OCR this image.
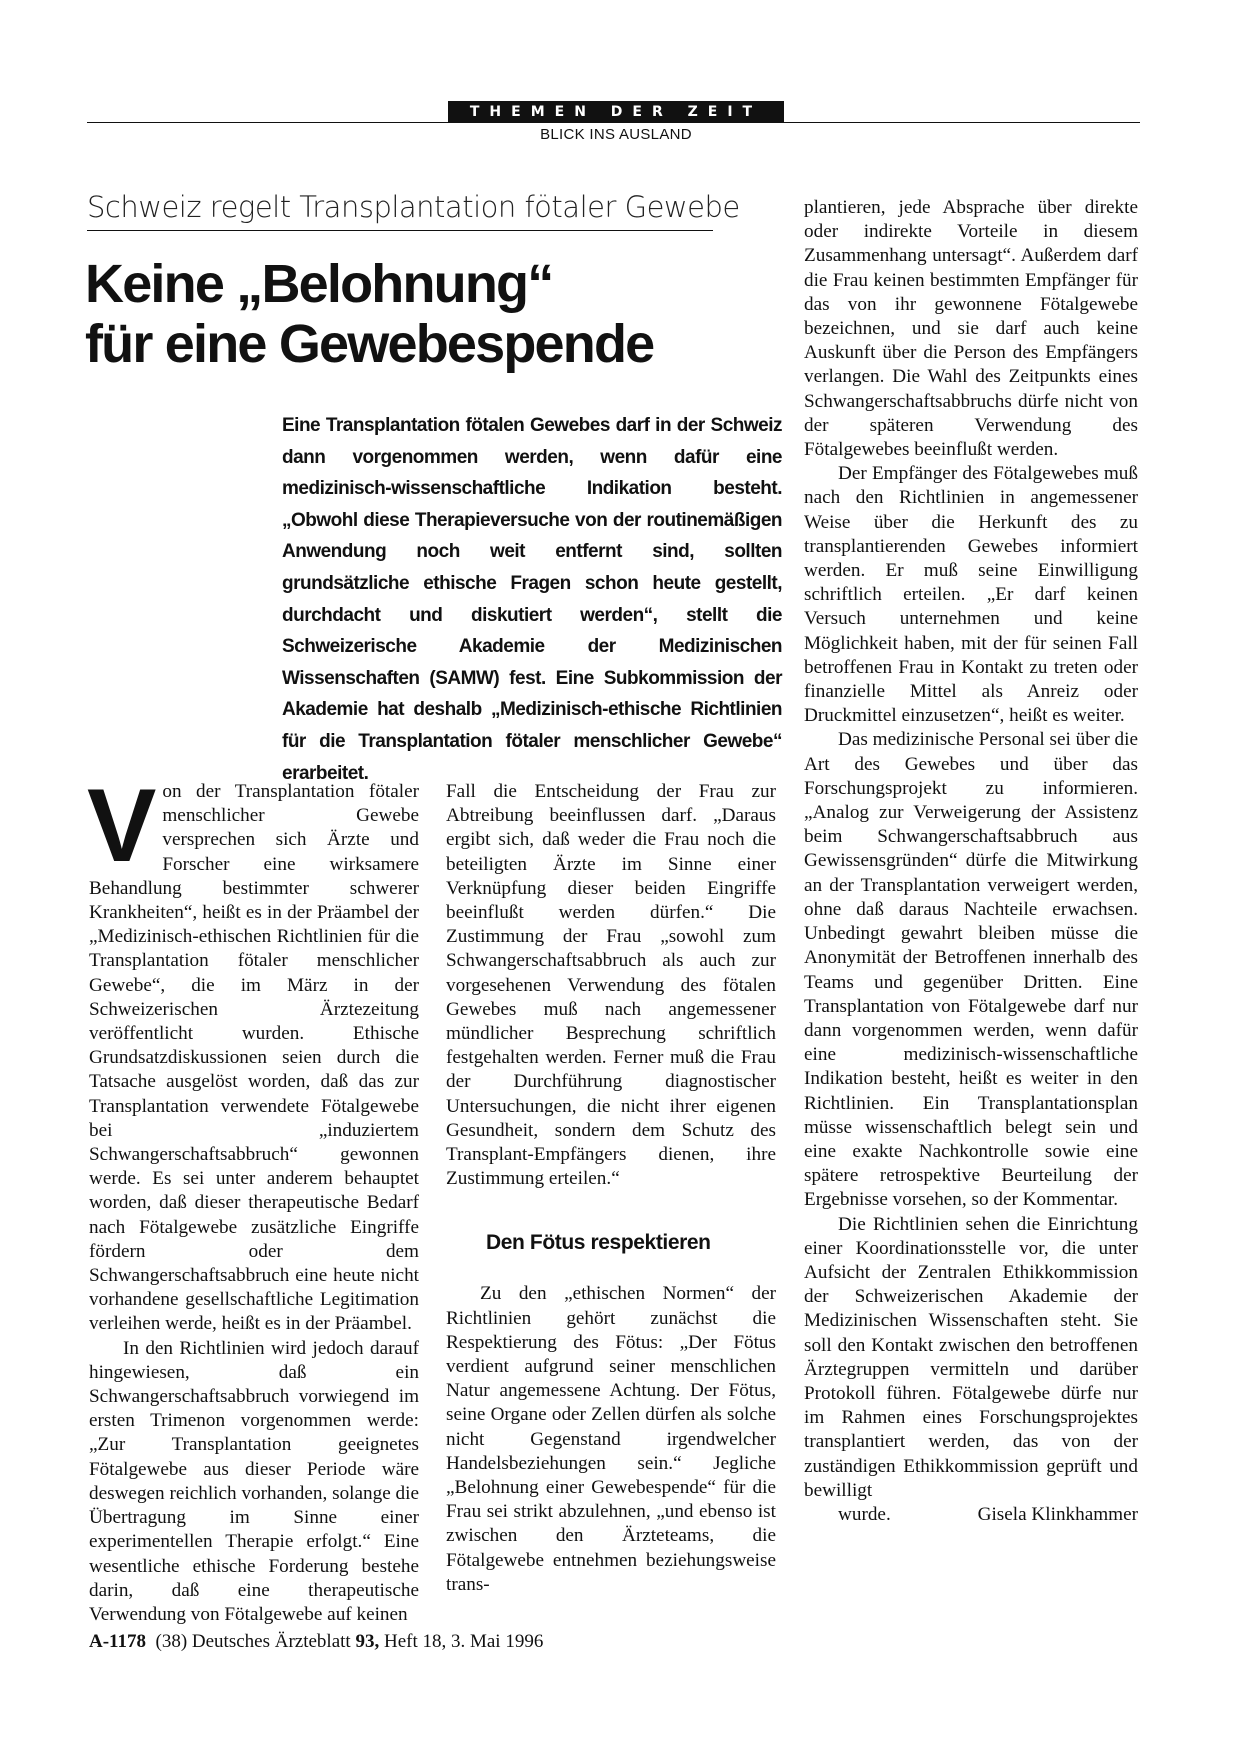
THEMEN DER ZEIT
BLICK INS AUSLAND
Schweiz regelt Transplantation fötaler Gewebe
Keine „Belohnung“
für eine Gewebespende
Eine Transplantation fötalen Gewebes darf in der Schweiz dann vorgenommen werden, wenn dafür eine medizinisch-wissenschaftliche Indikation besteht. „Obwohl diese Therapieversuche von der routinemäßigen Anwendung noch weit entfernt sind, sollten grundsätzliche ethische Fragen schon heute gestellt, durchdacht und diskutiert werden“, stellt die Schweizerische Akademie der Medizinischen Wissenschaften (SAMW) fest. Eine Subkommission der Akademie hat deshalb „Medizinisch-ethische Richtlinien für die Transplantation fötaler menschlicher Gewebe“ erarbeitet.

Von der Transplantation fötaler menschlicher Gewebe versprechen sich Ärzte und Forscher eine wirksamere Behandlung bestimmter schwerer Krankheiten“, heißt es in der Präambel der „Medizinisch-ethischen Richtlinien für die Transplantation fötaler menschlicher Gewebe“, die im März in der Schweizerischen Ärztezeitung veröffentlicht wurden. Ethische Grundsatzdiskussionen seien durch die Tatsache ausgelöst worden, daß das zur Transplantation verwendete Fötalgewebe bei „induziertem Schwangerschaftsabbruch“ gewonnen werde. Es sei unter anderem behauptet worden, daß dieser therapeutische Bedarf nach Fötalgewebe zusätzliche Eingriffe fördern oder dem Schwangerschaftsabbruch eine heute nicht vorhandene gesellschaftliche Legitimation verleihen werde, heißt es in der Präambel.

In den Richtlinien wird jedoch darauf hingewiesen, daß ein Schwangerschaftsabbruch vorwiegend im ersten Trimenon vorgenommen werde: „Zur Transplantation geeignetes Fötalgewebe aus dieser Periode wäre deswegen reichlich vorhanden, solange die Übertragung im Sinne einer experimentellen Therapie erfolgt.“ Eine wesentliche ethische Forderung bestehe darin, daß eine therapeutische Verwendung von Fötalgewebe auf keinen

Fall die Entscheidung der Frau zur Abtreibung beeinflussen darf. „Daraus ergibt sich, daß weder die Frau noch die beteiligten Ärzte im Sinne einer Verknüpfung dieser beiden Eingriffe beeinflußt werden dürfen.“ Die Zustimmung der Frau „sowohl zum Schwangerschaftsabbruch als auch zur vorgesehenen Verwendung des fötalen Gewebes muß nach angemessener mündlicher Besprechung schriftlich festgehalten werden. Ferner muß die Frau der Durchführung diagnostischer Untersuchungen, die nicht ihrer eigenen Gesundheit, sondern dem Schutz des Transplant-Empfängers dienen, ihre Zustimmung erteilen.“

Den Fötus respektieren

Zu den „ethischen Normen“ der Richtlinien gehört zunächst die Respektierung des Fötus: „Der Fötus verdient aufgrund seiner menschlichen Natur angemessene Achtung. Der Fötus, seine Organe oder Zellen dürfen als solche nicht Gegenstand irgendwelcher Handelsbeziehungen sein.“ Jegliche „Belohnung einer Gewebespende“ für die Frau sei strikt abzulehnen, „und ebenso ist zwischen den Ärzteteams, die Fötalgewebe entnehmen beziehungsweise trans-

plantieren, jede Absprache über direkte oder indirekte Vorteile in diesem Zusammenhang untersagt“. Außerdem darf die Frau keinen bestimmten Empfänger für das von ihr gewonnene Fötalgewebe bezeichnen, und sie darf auch keine Auskunft über die Person des Empfängers verlangen. Die Wahl des Zeitpunkts eines Schwangerschaftsabbruchs dürfe nicht von der späteren Verwendung des Fötalgewebes beeinflußt werden.

Der Empfänger des Fötalgewebes muß nach den Richtlinien in angemessener Weise über die Herkunft des zu transplantierenden Gewebes informiert werden. Er muß seine Einwilligung schriftlich erteilen. „Er darf keinen Versuch unternehmen und keine Möglichkeit haben, mit der für seinen Fall betroffenen Frau in Kontakt zu treten oder finanzielle Mittel als Anreiz oder Druckmittel einzusetzen“, heißt es weiter.

Das medizinische Personal sei über die Art des Gewebes und über das Forschungsprojekt zu informieren. „Analog zur Verweigerung der Assistenz beim Schwangerschaftsabbruch aus Gewissensgründen“ dürfe die Mitwirkung an der Transplantation verweigert werden, ohne daß daraus Nachteile erwachsen. Unbedingt gewahrt bleiben müsse die Anonymität der Betroffenen innerhalb des Teams und gegenüber Dritten. Eine Transplantation von Fötalgewebe darf nur dann vorgenommen werden, wenn dafür eine medizinisch-wissenschaftliche Indikation besteht, heißt es weiter in den Richtlinien. Ein Transplantationsplan müsse wissenschaftlich belegt sein und eine exakte Nachkontrolle sowie eine spätere retrospektive Beurteilung der Ergebnisse vorsehen, so der Kommentar.

Die Richtlinien sehen die Einrichtung einer Koordinationsstelle vor, die unter Aufsicht der Zentralen Ethikkommission der Schweizerischen Akademie der Medizinischen Wissenschaften steht. Sie soll den Kontakt zwischen den betroffenen Ärztegruppen vermitteln und darüber Protokoll führen. Fötalgewebe dürfe nur im Rahmen eines Forschungsprojektes transplantiert werden, das von der zuständigen Ethikkommission geprüft und bewilligt

wurde.	Gisela Klinkhammer

A-1178 (38) Deutsches Ärzteblatt 93, Heft 18, 3. Mai 1996
